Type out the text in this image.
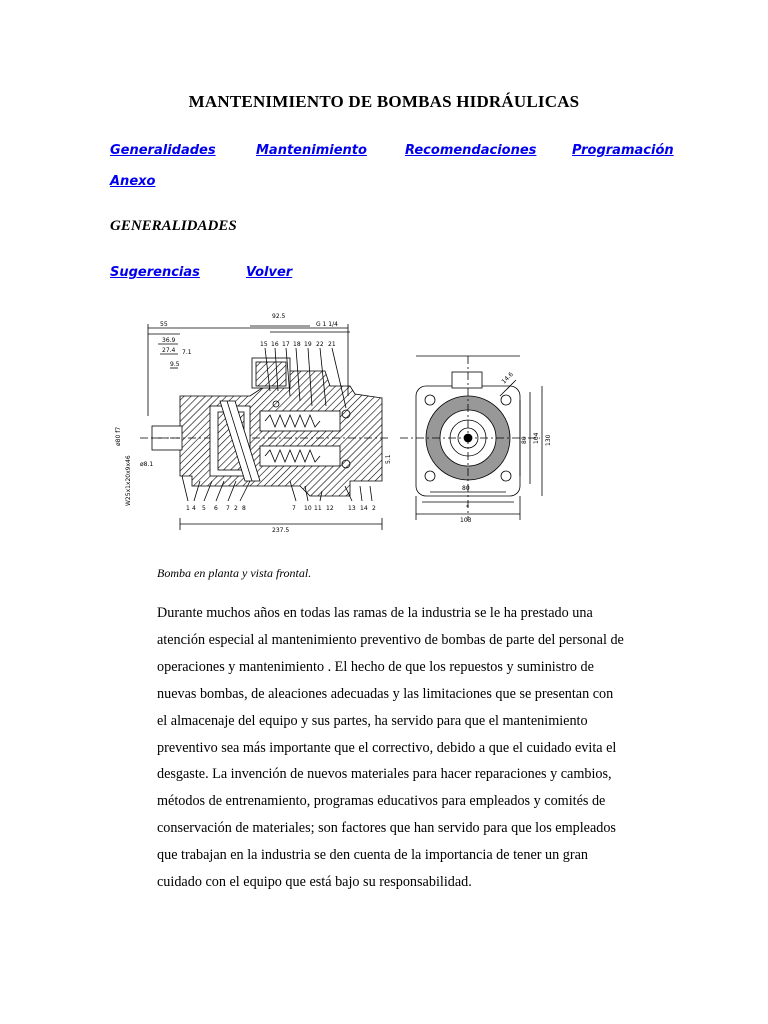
MANTENIMIENTO DE BOMBAS HIDRÁULICAS
Generalidades	Mantenimiento	Recomendaciones	Programación
Anexo
GENERALIDADES
Sugerencias	Volver
55
36.9
27.4 7.1
9.5
92.5
G 1 1/4
237.5
ø80 f7
ø8.1
W25x1x20x9x46
15 16 17 18 19 22 21
1 4 5 6 7 2 8	7 10 11 12 13 14 2
80
80 104 130
103
*
14.6
5.1
Bomba en planta y vista frontal.
Durante muchos años en todas las ramas de la industria se le ha prestado una
atención especial al mantenimiento preventivo de bombas de parte del personal de
operaciones y mantenimiento . El hecho de que los repuestos y suministro de
nuevas bombas, de aleaciones adecuadas y las limitaciones que se presentan con
el almacenaje del equipo y sus partes, ha servido para que el mantenimiento
preventivo sea más importante que el correctivo, debido a que el cuidado evita el
desgaste. La invención de nuevos materiales para hacer reparaciones y cambios,
métodos de entrenamiento, programas educativos para empleados y comités de
conservación de materiales; son factores que han servido para que los empleados
que trabajan en la industria se den cuenta de la importancia de tener un gran
cuidado con el equipo que está bajo su responsabilidad.
